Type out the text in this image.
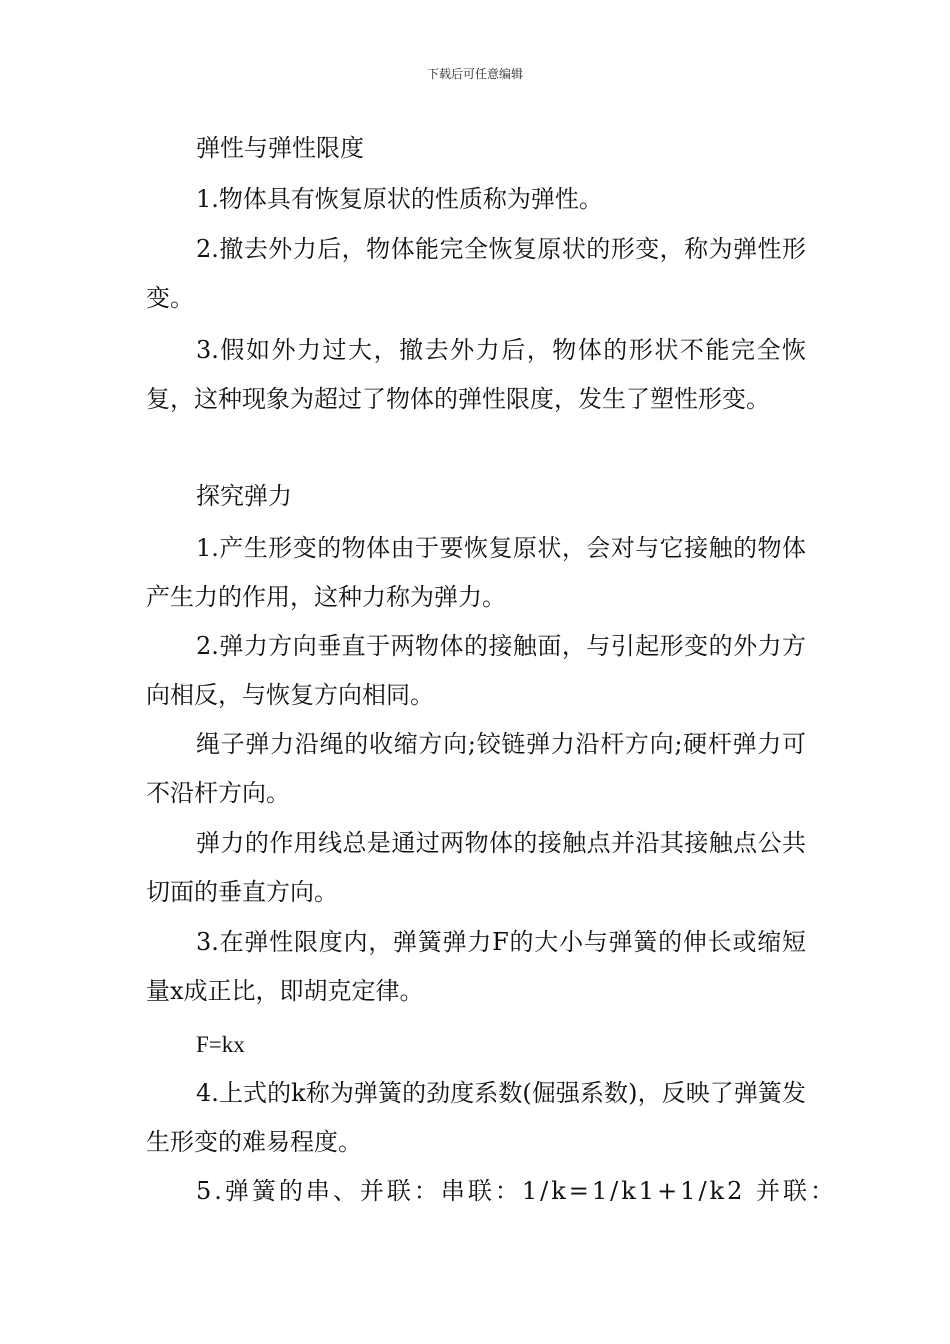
下载后可任意编辑

弹性与弹性限度

1.物体具有恢复原状的性质称为弹性。

2.撤去外力后，物体能完全恢复原状的形变，称为弹性形变。

3.假如外力过大，撤去外力后，物体的形状不能完全恢复，这种现象为超过了物体的弹性限度，发生了塑性形变。

探究弹力

1.产生形变的物体由于要恢复原状，会对与它接触的物体产生力的作用，这种力称为弹力。

2.弹力方向垂直于两物体的接触面，与引起形变的外力方向相反，与恢复方向相同。

绳子弹力沿绳的收缩方向;铰链弹力沿杆方向;硬杆弹力可不沿杆方向。

弹力的作用线总是通过两物体的接触点并沿其接触点公共切面的垂直方向。

3.在弹性限度内，弹簧弹力F的大小与弹簧的伸长或缩短量x成正比，即胡克定律。

F=kx

4.上式的k称为弹簧的劲度系数(倔强系数)，反映了弹簧发生形变的难易程度。

5.弹簧的串、并联：串联：1/k=1/k1+1/k2 并联：
